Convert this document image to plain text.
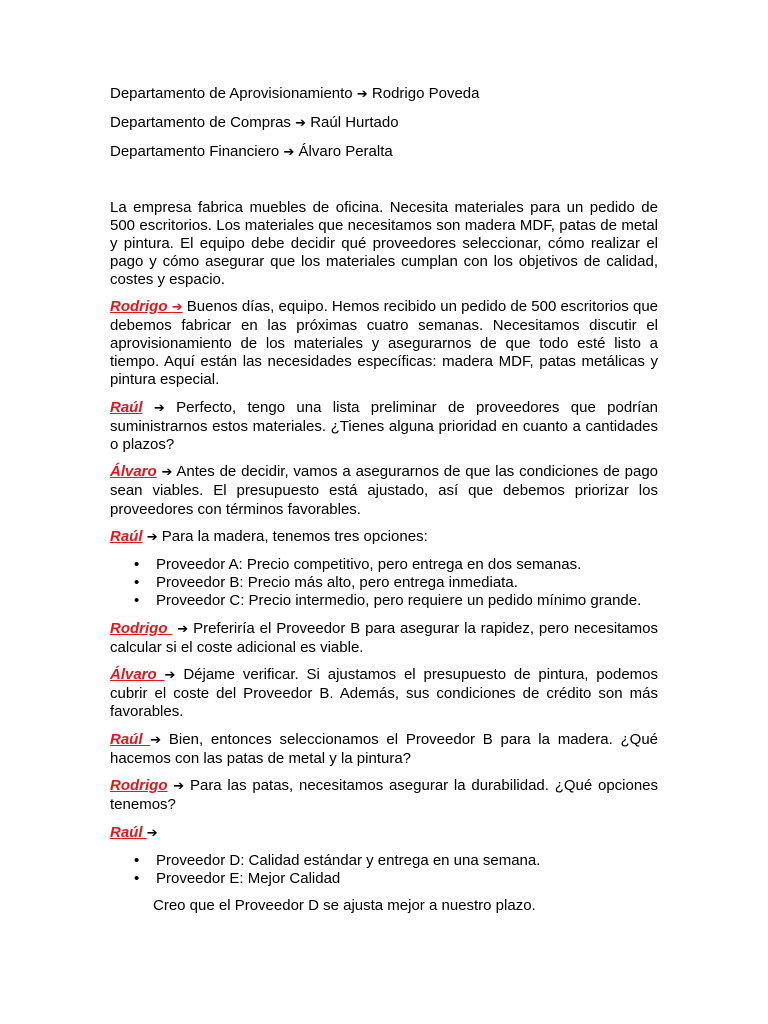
Departamento de Aprovisionamiento ➔ Rodrigo Poveda

Departamento de Compras ➔ Raúl Hurtado

Departamento Financiero ➔ Álvaro Peralta

La empresa fabrica muebles de oficina. Necesita materiales para un pedido de 500 escritorios. Los materiales que necesitamos son madera MDF, patas de metal y pintura. El equipo debe decidir qué proveedores seleccionar, cómo realizar el pago y cómo asegurar que los materiales cumplan con los objetivos de calidad, costes y espacio.

Rodrigo ➔ Buenos días, equipo. Hemos recibido un pedido de 500 escritorios que debemos fabricar en las próximas cuatro semanas. Necesitamos discutir el aprovisionamiento de los materiales y asegurarnos de que todo esté listo a tiempo. Aquí están las necesidades específicas: madera MDF, patas metálicas y pintura especial.

Raúl ➔ Perfecto, tengo una lista preliminar de proveedores que podrían suministrarnos estos materiales. ¿Tienes alguna prioridad en cuanto a cantidades o plazos?

Álvaro ➔ Antes de decidir, vamos a asegurarnos de que las condiciones de pago sean viables. El presupuesto está ajustado, así que debemos priorizar los proveedores con términos favorables.

Raúl ➔ Para la madera, tenemos tres opciones:

• Proveedor A: Precio competitivo, pero entrega en dos semanas.
• Proveedor B: Precio más alto, pero entrega inmediata.
• Proveedor C: Precio intermedio, pero requiere un pedido mínimo grande.

Rodrigo ➔ Preferiría el Proveedor B para asegurar la rapidez, pero necesitamos calcular si el coste adicional es viable.

Álvaro ➔ Déjame verificar. Si ajustamos el presupuesto de pintura, podemos cubrir el coste del Proveedor B. Además, sus condiciones de crédito son más favorables.

Raúl ➔ Bien, entonces seleccionamos el Proveedor B para la madera. ¿Qué hacemos con las patas de metal y la pintura?

Rodrigo ➔ Para las patas, necesitamos asegurar la durabilidad. ¿Qué opciones tenemos?

Raúl ➔

• Proveedor D: Calidad estándar y entrega en una semana.
• Proveedor E: Mejor Calidad

Creo que el Proveedor D se ajusta mejor a nuestro plazo.
